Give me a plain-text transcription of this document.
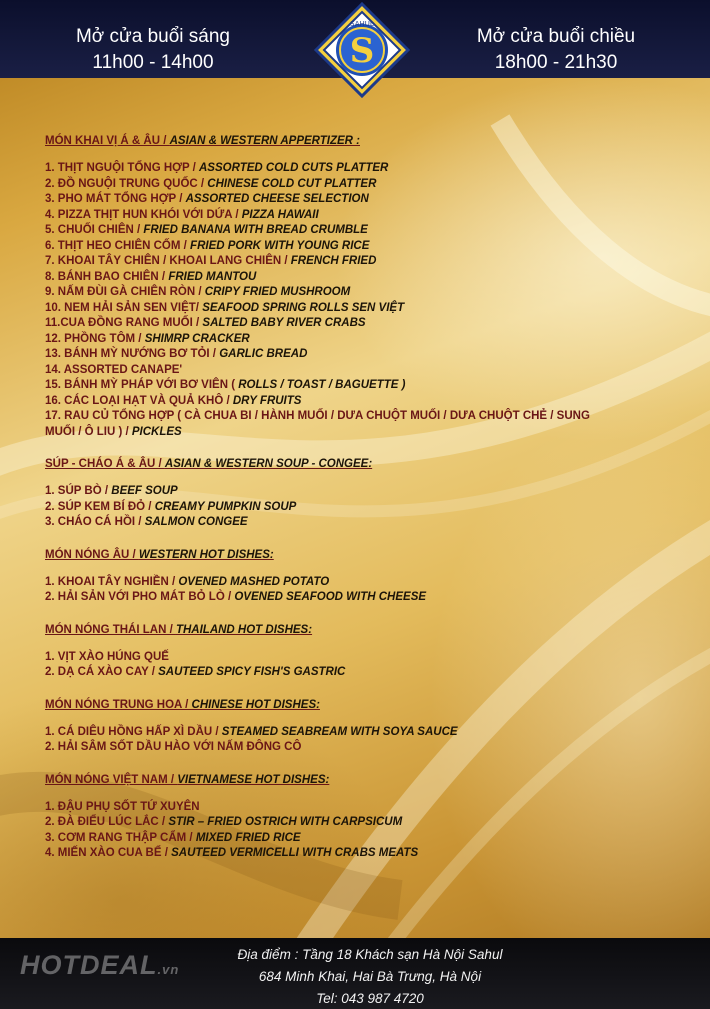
Mở cửa buổi sáng
11h00 - 14h00	S
SAHUL
Mở cửa buổi chiều
18h00 - 21h30
MÓN KHAI VỊ Á & ÂU / ASIAN & WESTERN APPERTIZER :
1. THỊT NGUỘI TỔNG HỢP / ASSORTED COLD CUTS PLATTER
2. ĐỒ NGUỘI TRUNG QUỐC / CHINESE COLD CUT PLATTER
3. PHO MÁT TỔNG HỢP / ASSORTED CHEESE SELECTION
4. PIZZA THỊT HUN KHÓI VỚI DỨA / PIZZA HAWAII
5. CHUỐI CHIÊN / FRIED BANANA WITH BREAD CRUMBLE
6. THỊT HEO CHIÊN CỐM / FRIED PORK WITH YOUNG RICE
7. KHOAI TÂY CHIÊN / KHOAI LANG CHIÊN / FRENCH FRIED
8. BÁNH BAO CHIÊN / FRIED MANTOU
9. NẤM ĐÙI GÀ CHIÊN RÒN / CRIPY FRIED MUSHROOM
10. NEM HẢI SẢN SEN VIỆT/ SEAFOOD SPRING ROLLS SEN VIỆT
11.CUA ĐỒNG RANG MUỐI / SALTED BABY RIVER CRABS
12. PHỒNG TÔM / SHIMRP CRACKER
13. BÁNH MỲ NƯỚNG BƠ TỎI / GARLIC BREAD
14. ASSORTED CANAPE'
15. BÁNH MỲ PHÁP VỚI BƠ VIÊN ( ROLLS / TOAST / BAGUETTE )
16. CÁC LOẠI HẠT VÀ QUẢ KHÔ / DRY FRUITS
17. RAU CỦ TỔNG HỢP ( CÀ CHUA BI / HÀNH MUỐI / DƯA CHUỘT MUỐI / DƯA CHUỘT CHẺ / SUNG MUỐI / Ô LIU ) / PICKLES
SÚP - CHÁO Á & ÂU / ASIAN & WESTERN SOUP - CONGEE:
1. SÚP BÒ / BEEF SOUP
2. SÚP KEM BÍ ĐỎ / CREAMY PUMPKIN SOUP
3. CHÁO CÁ HỒI / SALMON CONGEE
MÓN NÓNG ÂU / WESTERN HOT DISHES:
1. KHOAI TÂY NGHIỀN / OVENED MASHED POTATO
2. HẢI SẢN VỚI PHO MÁT BỎ LÒ / OVENED SEAFOOD WITH CHEESE
MÓN NÓNG THÁI LAN / THAILAND HOT DISHES:
1. VỊT XÀO HÚNG QUẾ
2. DẠ CÁ XÀO CAY / SAUTEED SPICY FISH'S GASTRIC
MÓN NÓNG TRUNG HOA / CHINESE HOT DISHES:
1. CÁ DIÊU HỒNG HẤP XÌ DẦU / STEAMED SEABREAM WITH SOYA SAUCE
2. HẢI SÂM SỐT DẦU HÀO VỚI NẤM ĐÔNG CÔ
MÓN NÓNG VIỆT NAM / VIETNAMESE HOT DISHES:
1. ĐẬU PHỤ SỐT TỨ XUYÊN
2. ĐÀ ĐIỂU LÚC LẮC / STIR – FRIED OSTRICH WITH CARPSICUM
3. CƠM RANG THẬP CẨM / MIXED FRIED RICE
4. MIẾN XÀO CUA BỂ / SAUTEED VERMICELLI WITH CRABS MEATS
HOTDEAL.vn
Địa điểm : Tầng 18 Khách sạn Hà Nội Sahul
684 Minh Khai, Hai Bà Trưng, Hà Nội
Tel: 043 987 4720
